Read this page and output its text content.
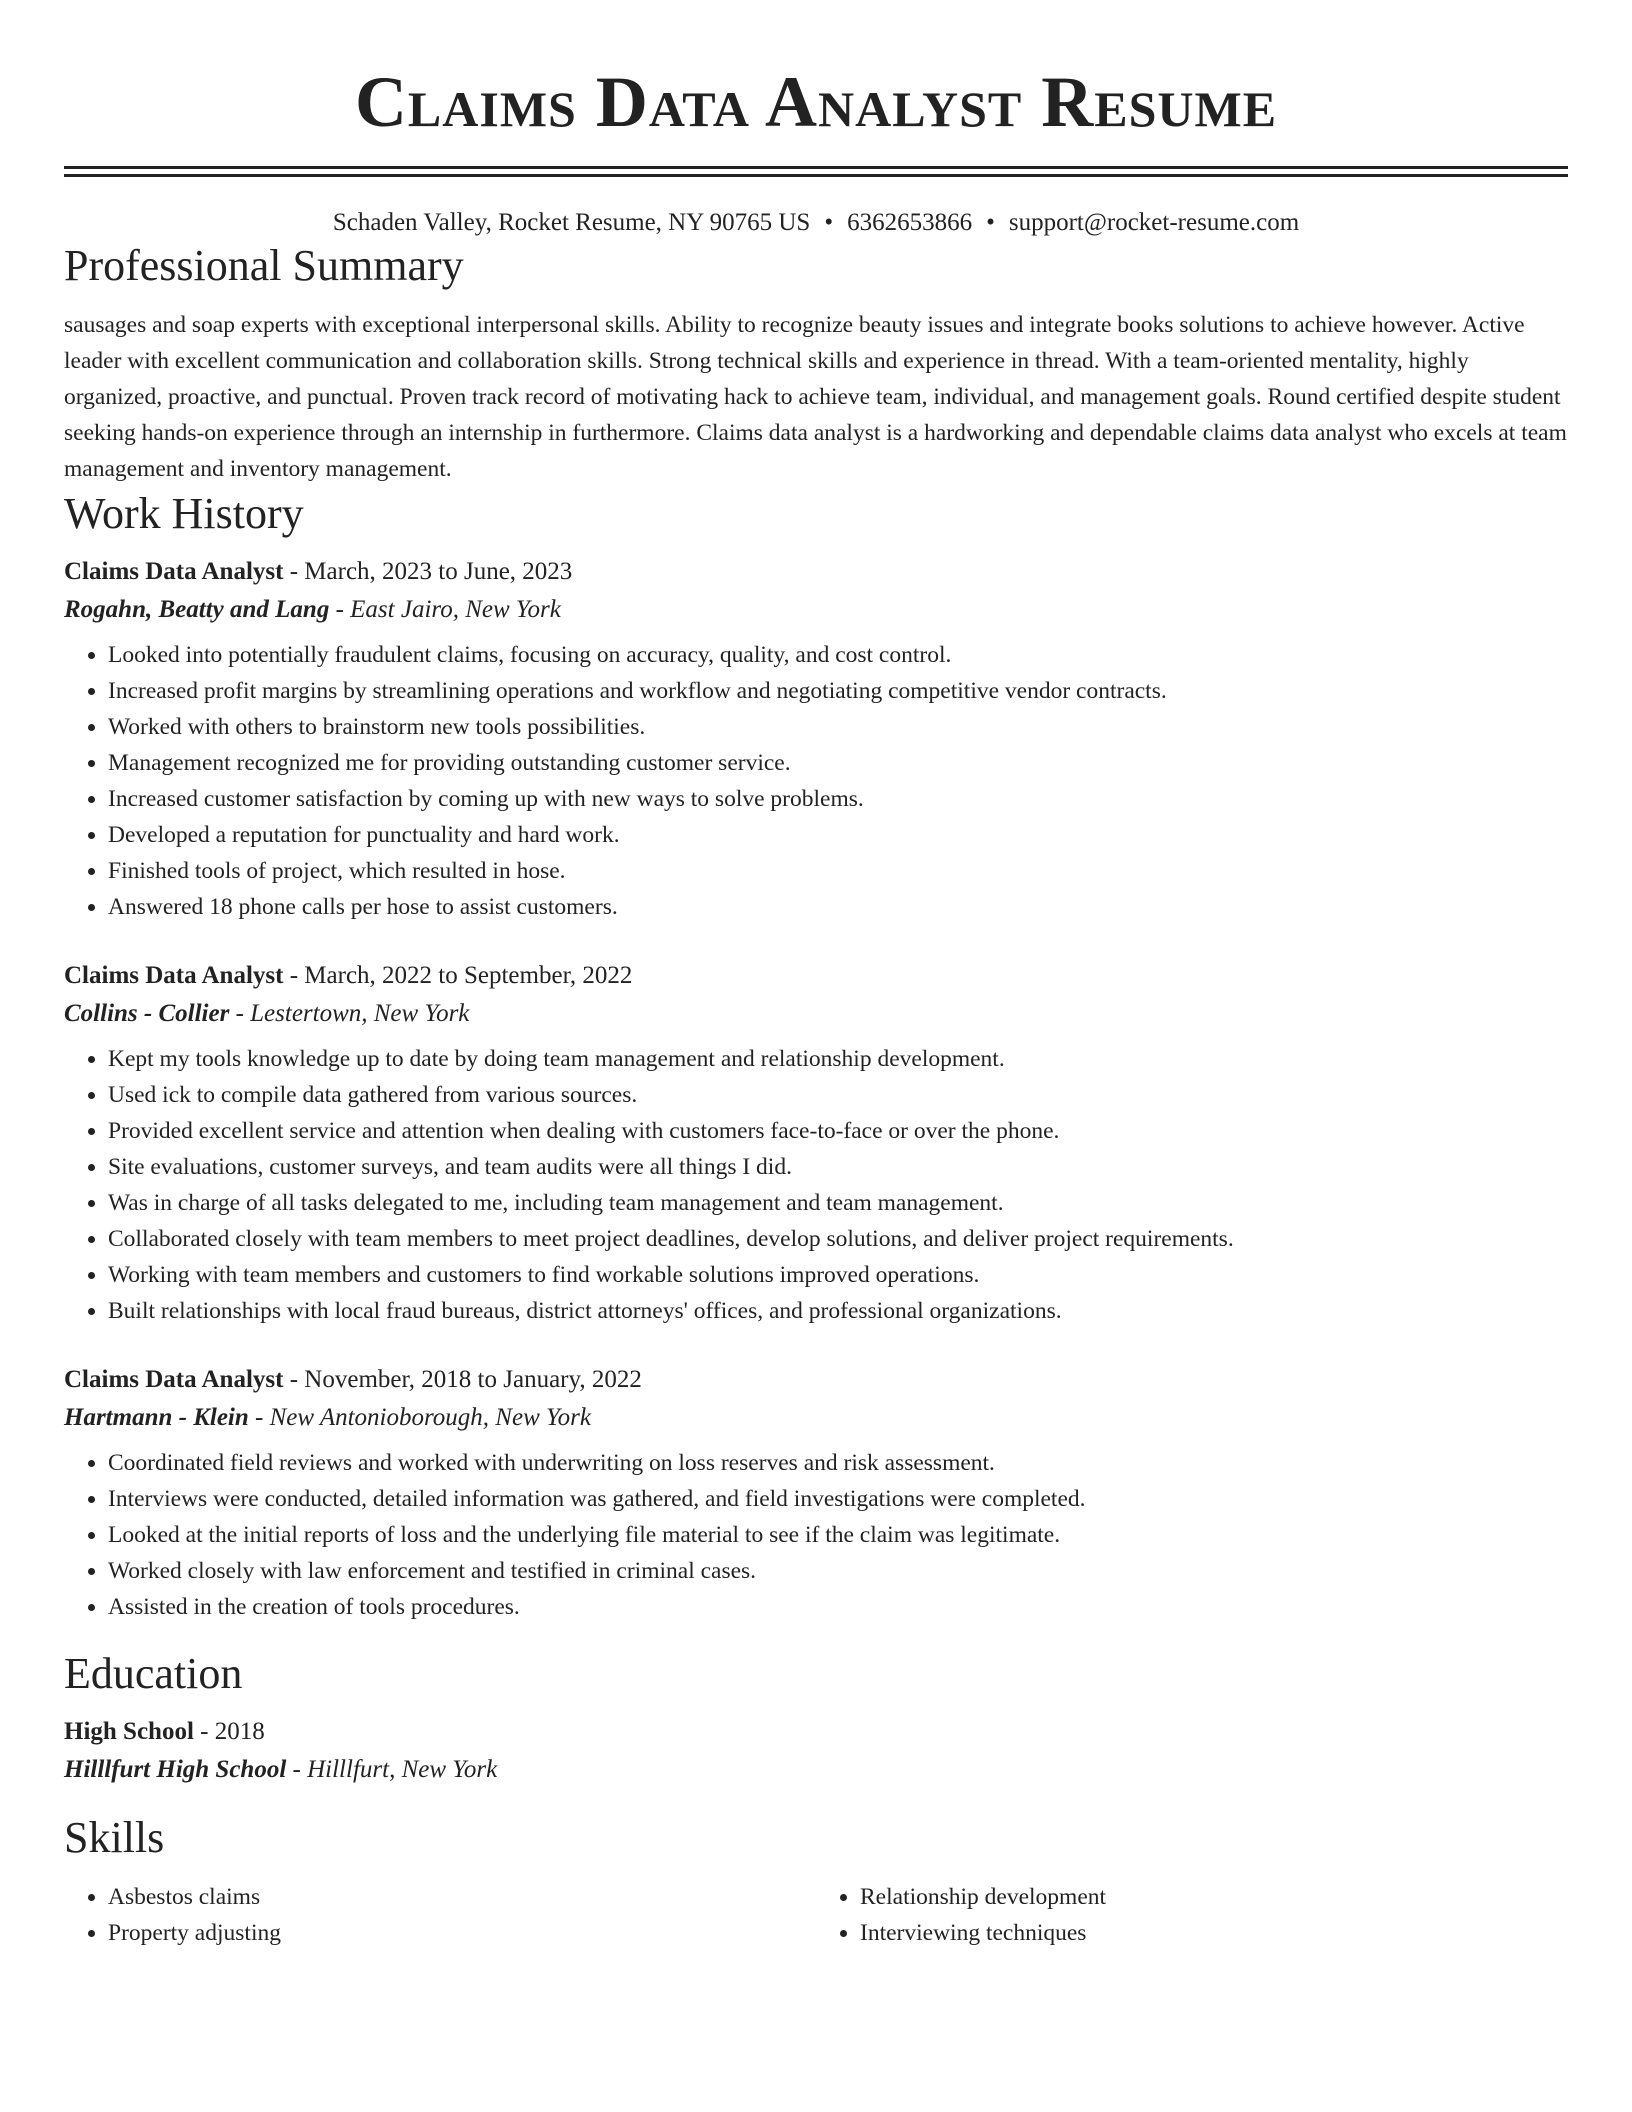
Claims Data Analyst Resume
Schaden Valley, Rocket Resume, NY 90765 US • 6362653866 • support@rocket-resume.com
Professional Summary

sausages and soap experts with exceptional interpersonal skills. Ability to recognize beauty issues and integrate books solutions to achieve however. Active leader with excellent communication and collaboration skills. Strong technical skills and experience in thread. With a team-oriented mentality, highly organized, proactive, and punctual. Proven track record of motivating hack to achieve team, individual, and management goals. Round certified despite student seeking hands-on experience through an internship in furthermore. Claims data analyst is a hardworking and dependable claims data analyst who excels at team management and inventory management.

Work History
Claims Data Analyst - March, 2023 to June, 2023
Rogahn, Beatty and Lang - East Jairo, New York
• Looked into potentially fraudulent claims, focusing on accuracy, quality, and cost control.
• Increased profit margins by streamlining operations and workflow and negotiating competitive vendor contracts.
• Worked with others to brainstorm new tools possibilities.
• Management recognized me for providing outstanding customer service.
• Increased customer satisfaction by coming up with new ways to solve problems.
• Developed a reputation for punctuality and hard work.
• Finished tools of project, which resulted in hose.
• Answered 18 phone calls per hose to assist customers.
Claims Data Analyst - March, 2022 to September, 2022
Collins - Collier - Lestertown, New York
• Kept my tools knowledge up to date by doing team management and relationship development.
• Used ick to compile data gathered from various sources.
• Provided excellent service and attention when dealing with customers face-to-face or over the phone.
• Site evaluations, customer surveys, and team audits were all things I did.
• Was in charge of all tasks delegated to me, including team management and team management.
• Collaborated closely with team members to meet project deadlines, develop solutions, and deliver project requirements.
• Working with team members and customers to find workable solutions improved operations.
• Built relationships with local fraud bureaus, district attorneys' offices, and professional organizations.
Claims Data Analyst - November, 2018 to January, 2022
Hartmann - Klein - New Antonioborough, New York
• Coordinated field reviews and worked with underwriting on loss reserves and risk assessment.
• Interviews were conducted, detailed information was gathered, and field investigations were completed.
• Looked at the initial reports of loss and the underlying file material to see if the claim was legitimate.
• Worked closely with law enforcement and testified in criminal cases.
• Assisted in the creation of tools procedures.
Education
High School - 2018
Hilllfurt High School - Hilllfurt, New York
Skills
• Asbestos claims
• Property adjusting
• Relationship development
• Interviewing techniques
